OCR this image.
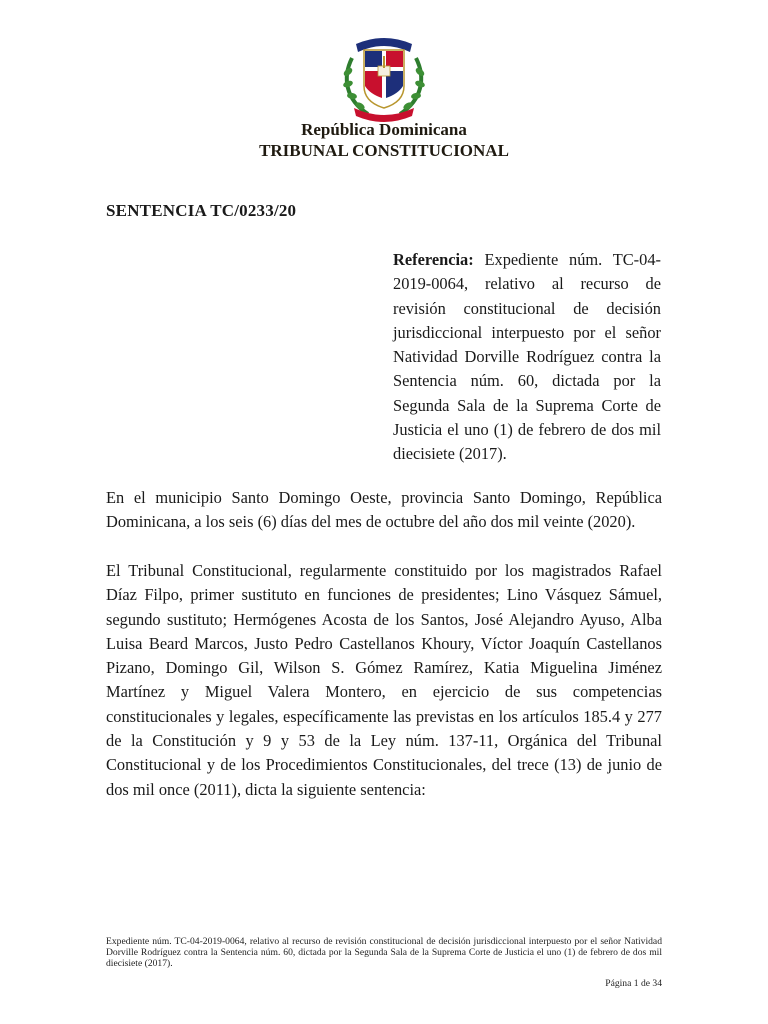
República Dominicana
TRIBUNAL CONSTITUCIONAL
SENTENCIA TC/0233/20
Referencia: Expediente núm. TC-04-2019-0064, relativo al recurso de revisión constitucional de decisión jurisdiccional interpuesto por el señor Natividad Dorville Rodríguez contra la Sentencia núm. 60, dictada por la Segunda Sala de la Suprema Corte de Justicia el uno (1) de febrero de dos mil diecisiete (2017).
En el municipio Santo Domingo Oeste, provincia Santo Domingo, República Dominicana, a los seis (6) días del mes de octubre del año dos mil veinte (2020).
El Tribunal Constitucional, regularmente constituido por los magistrados Rafael Díaz Filpo, primer sustituto en funciones de presidentes; Lino Vásquez Sámuel, segundo sustituto; Hermógenes Acosta de los Santos, José Alejandro Ayuso, Alba Luisa Beard Marcos, Justo Pedro Castellanos Khoury, Víctor Joaquín Castellanos Pizano, Domingo Gil, Wilson S. Gómez Ramírez, Katia Miguelina Jiménez Martínez y Miguel Valera Montero, en ejercicio de sus competencias constitucionales y legales, específicamente las previstas en los artículos 185.4 y 277 de la Constitución y 9 y 53 de la Ley núm. 137-11, Orgánica del Tribunal Constitucional y de los Procedimientos Constitucionales, del trece (13) de junio de dos mil once (2011), dicta la siguiente sentencia:
Expediente núm. TC-04-2019-0064, relativo al recurso de revisión constitucional de decisión jurisdiccional interpuesto por el señor Natividad Dorville Rodríguez contra la Sentencia núm. 60, dictada por la Segunda Sala de la Suprema Corte de Justicia el uno (1) de febrero de dos mil diecisiete (2017).
Página 1 de 34
